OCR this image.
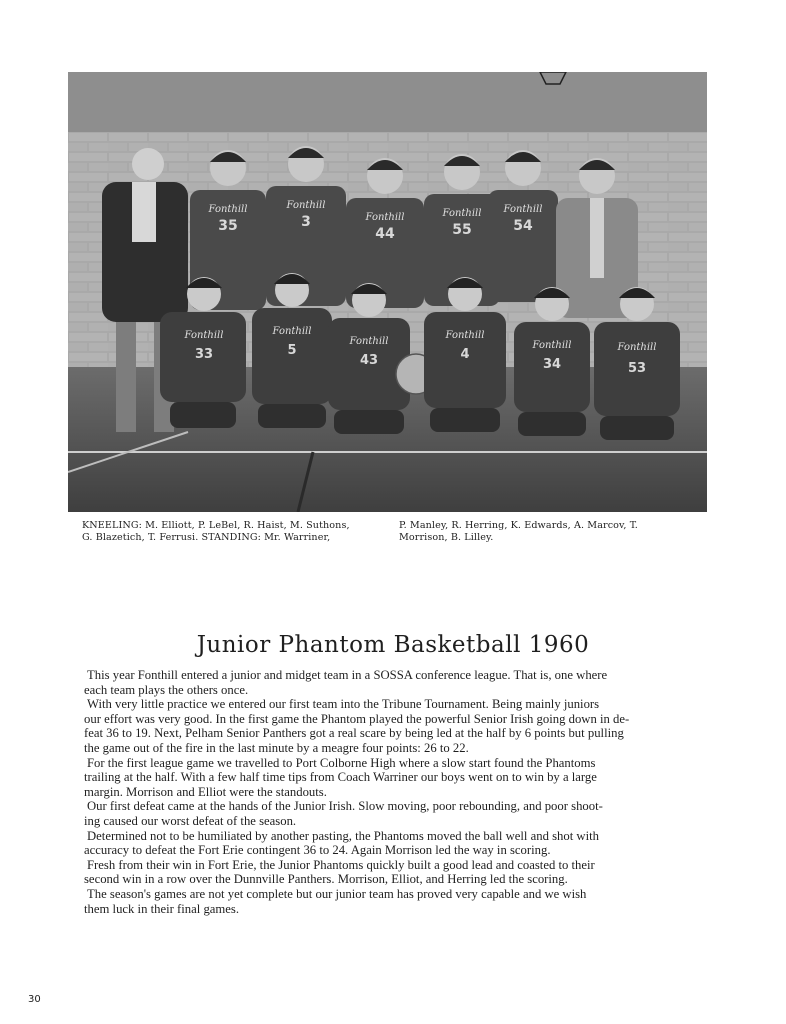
35
Fonthill
3
Fonthill
44
Fonthill
55
Fonthill
54
Fonthill
33
Fonthill
5
Fonthill
43
Fonthill
4
Fonthill
34
Fonthill
53
Fonthill
KNEELING: M. Elliott, P. LeBel, R. Haist, M. Suthons,
G. Blazetich, T. Ferrusi. STANDING: Mr. Warriner,
P. Manley, R. Herring, K. Edwards, A. Marcov, T.
Morrison, B. Lilley.
Junior Phantom Basketball 1960
This year Fonthill entered a junior and midget team in a SOSSA conference league. That is, one where
each team plays the others once.
With very little practice we entered our first team into the Tribune Tournament. Being mainly juniors
our effort was very good. In the first game the Phantom played the powerful Senior Irish going down in de-
feat 36 to 19. Next, Pelham Senior Panthers got a real scare by being led at the half by 6 points but pulling
the game out of the fire in the last minute by a meagre four points: 26 to 22.
For the first league game we travelled to Port Colborne High where a slow start found the Phantoms
trailing at the half. With a few half time tips from Coach Warriner our boys went on to win by a large
margin. Morrison and Elliot were the standouts.
Our first defeat came at the hands of the Junior Irish. Slow moving, poor rebounding, and poor shoot-
ing caused our worst defeat of the season.
Determined not to be humiliated by another pasting, the Phantoms moved the ball well and shot with
accuracy to defeat the Fort Erie contingent 36 to 24. Again Morrison led the way in scoring.
Fresh from their win in Fort Erie, the Junior Phantoms quickly built a good lead and coasted to their
second win in a row over the Dunnville Panthers. Morrison, Elliot, and Herring led the scoring.
The season's games are not yet complete but our junior team has proved very capable and we wish
them luck in their final games.
30
